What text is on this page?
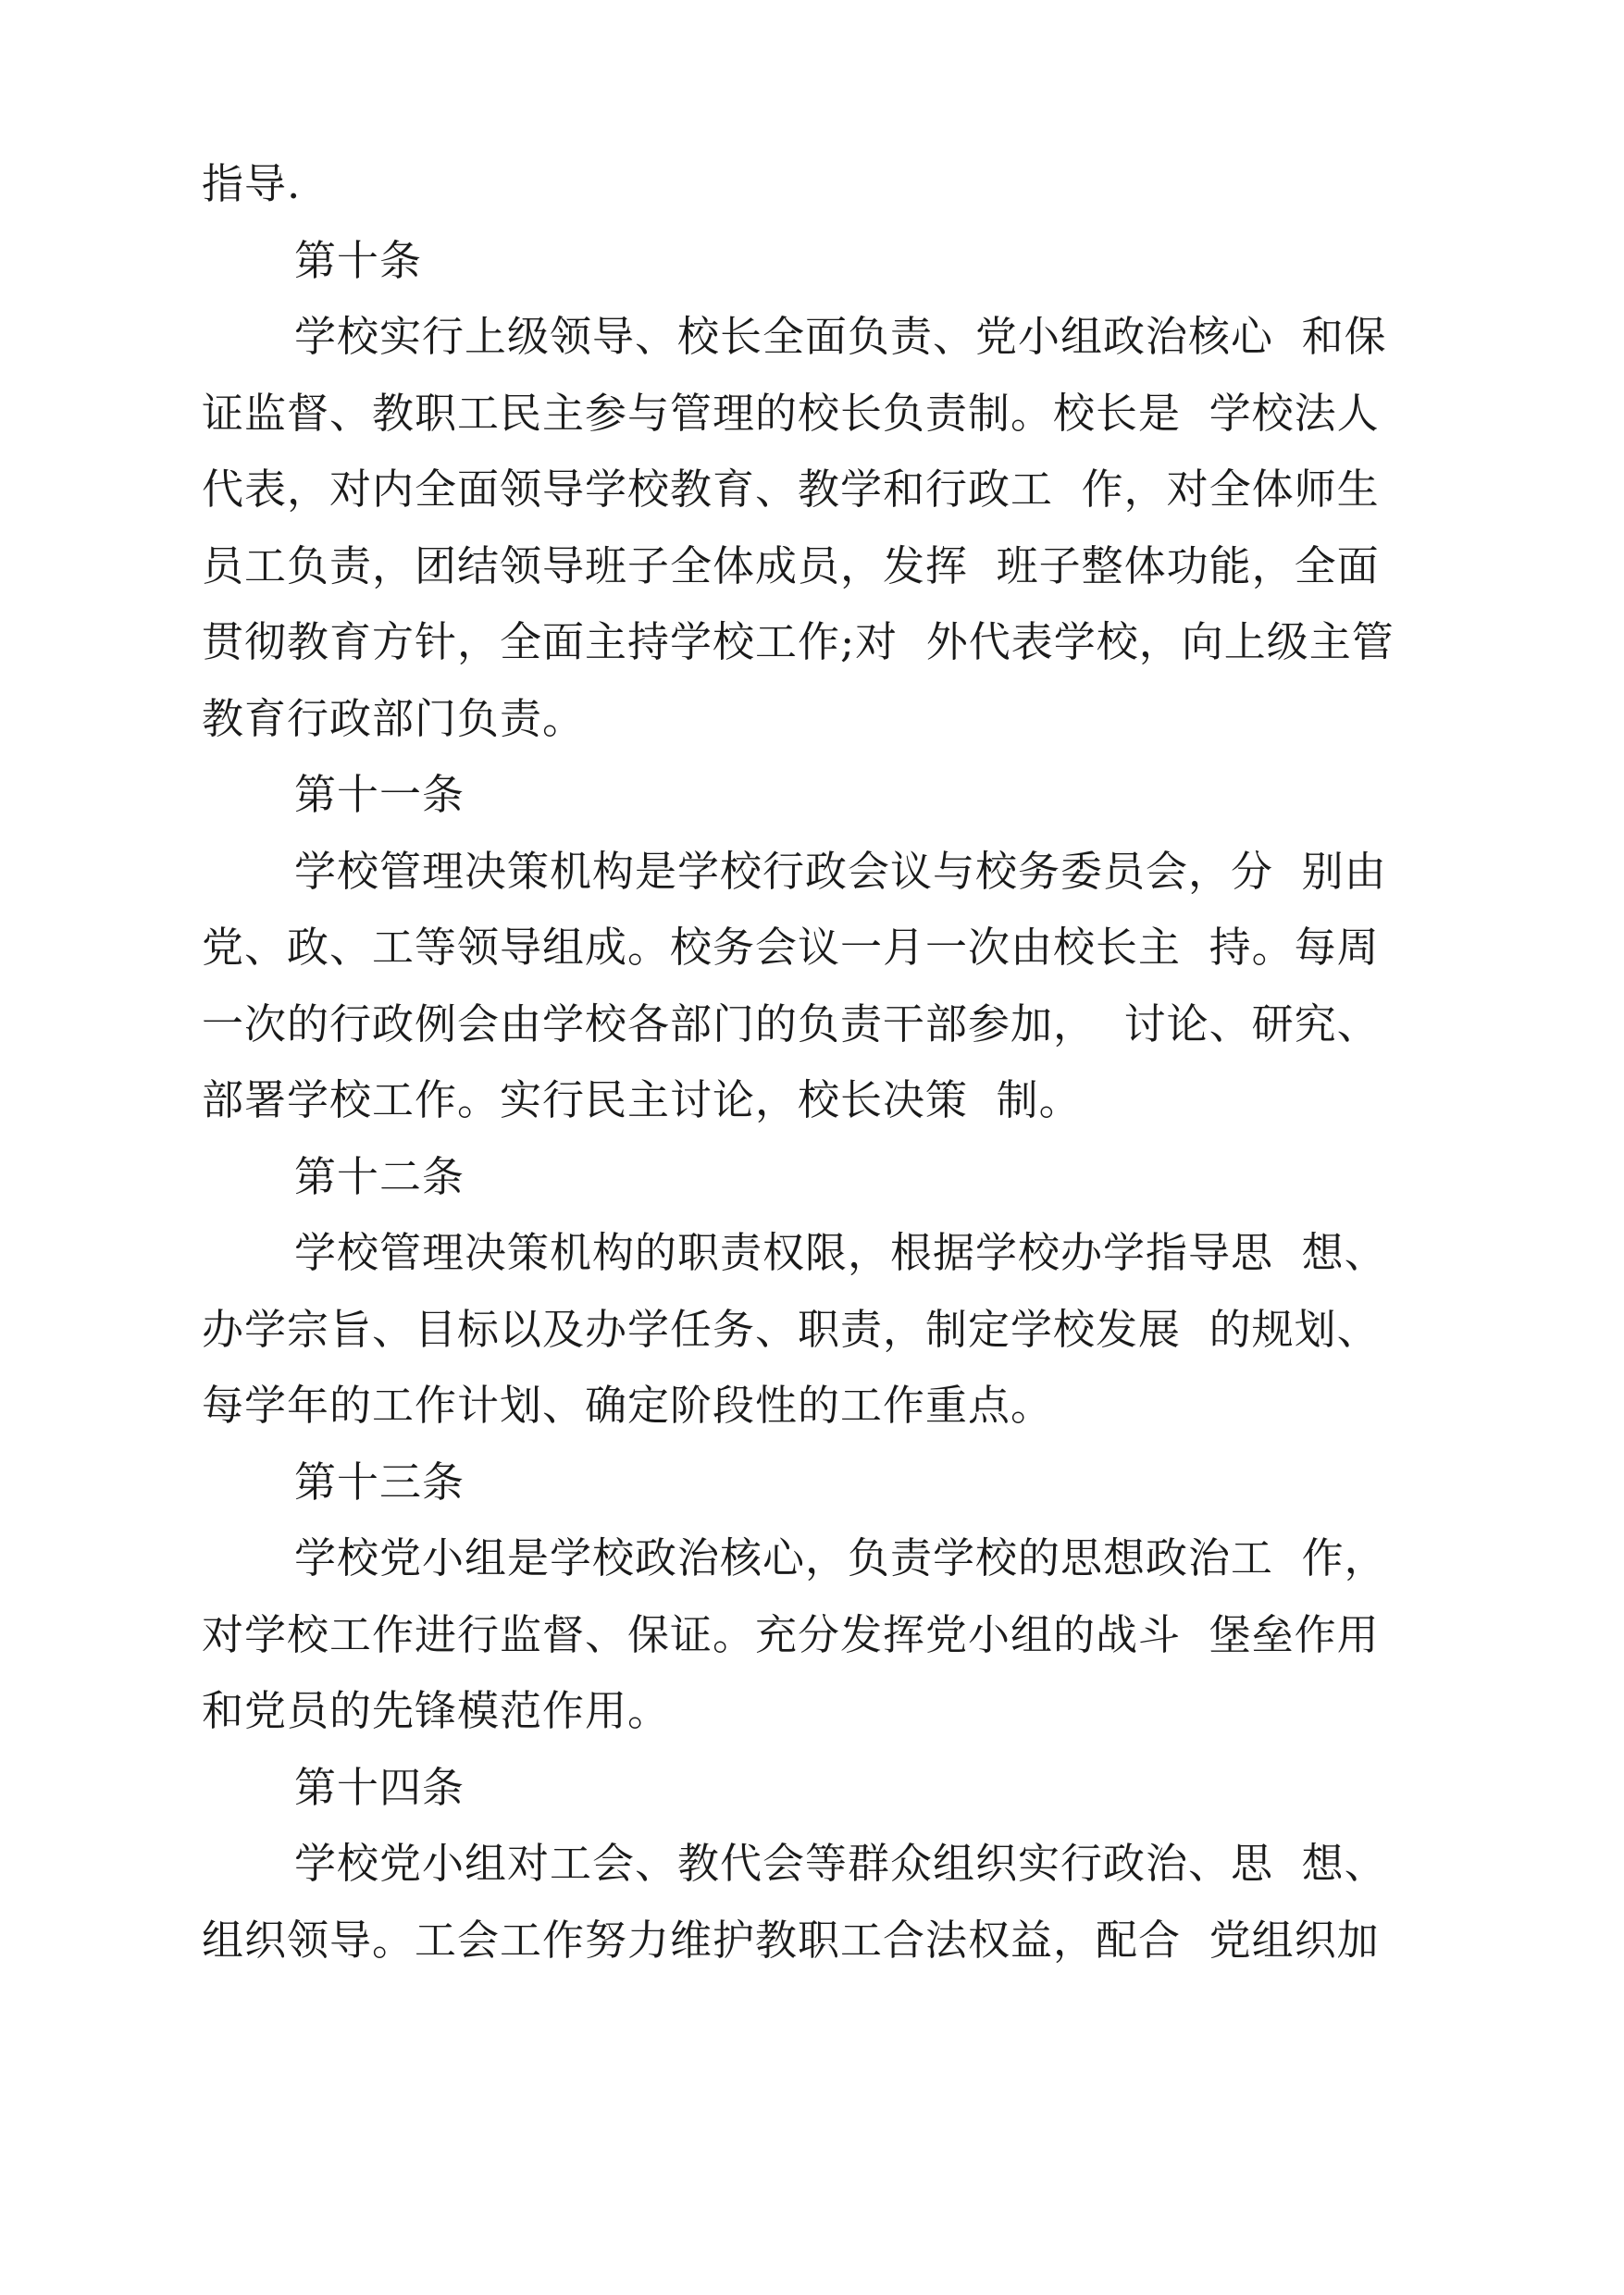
指导.
第十条
学校实行上级领导、校长全面负责、党小组政治核心  和保
证监督、教职工民主参与管理的校长负责制。校长是  学校法人
代表，对内全面领导学校教育、教学和行政工  作，对全体师生
员工负责，团结领导班子全体成员，发挥  班子整体功能，全面
贯彻教育方针，全面主持学校工作;对  外代表学校，向上级主管
教育行政部门负责。
第十一条
学校管理决策机构是学校行政会议与校务委员会，分  别由
党、政、工等领导组成。校务会议一月一次由校长主  持。每周
一次的行政例会由学校各部门的负责干部参加，  讨论、研究、
部署学校工作。实行民主讨论，校长决策  制。
第十二条
学校管理决策机构的职责权限，根据学校办学指导思  想、
办学宗旨、目标以及办学任务、职责，制定学校发展  的规划、
每学年的工作计划、确定阶段性的工作重点。
第十三条
学校党小组是学校政治核心，负责学校的思想政治工  作，
对学校工作进行监督、保证。充分发挥党小组的战斗  堡垒作用
和党员的先锋模范作用。
第十四条
学校党小组对工会、教代会等群众组织实行政治、思  想、
组织领导。工会工作努力维护教职工合法权益，配合  党组织加
